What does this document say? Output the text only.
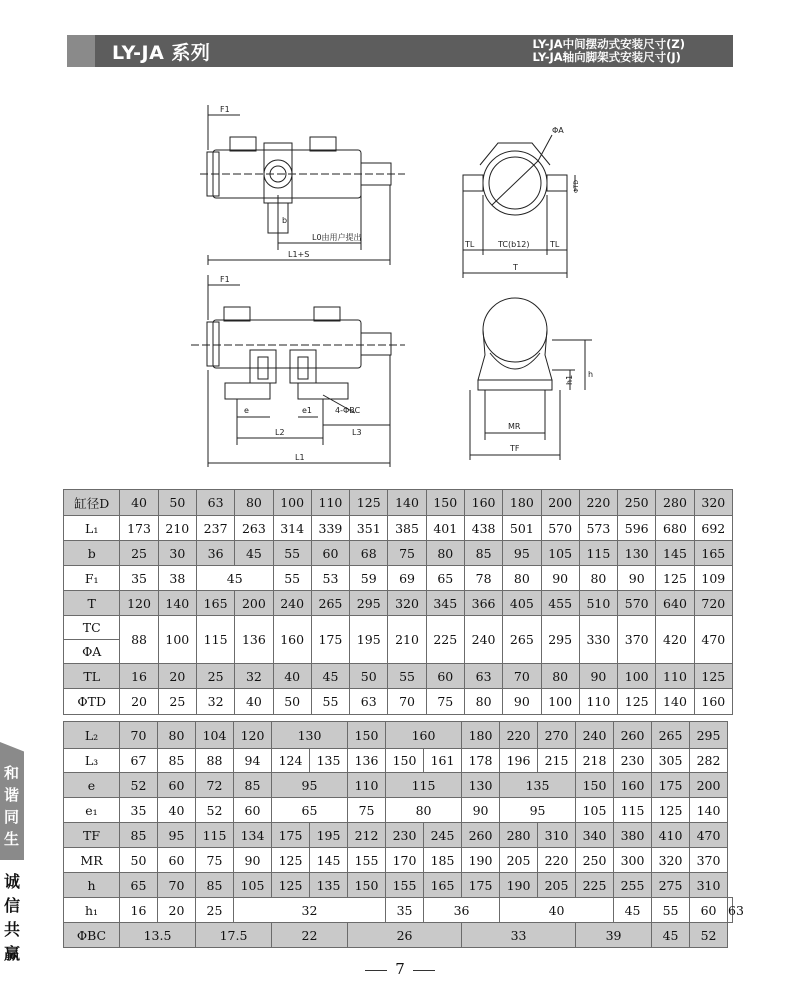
LY-JA 系列	LY-JA中间摆动式安装尺寸(Z)
LY-JA轴向脚架式安装尺寸(J)
F1
b
L0由用户提出
L1+S
ΦA
ΦTD
TL	TC(b12)	TL
T
F1
e	e1	4-ΦBC
L2	L3
L1
h
h1
MR
TF
缸径D	40	50	63	80	100	110	125	140	150	160	180	200	220	250	280	320
L₁	173	210	237	263	314	339	351	385	401	438	501	570	573	596	680	692
b	25	30	36	45	55	60	68	75	80	85	95	105	115	130	145	165
F₁	35	38	45		55	53	59	69	65	78	80	90	80	90	125	109
T	120	140	165	200	240	265	295	320	345	366	405	455	510	570	640	720
TC	88	100	115	136	160	175	195	210	225	240	265	295	330	370	420	470
ΦA																
TL	16	20	25	32	40	45	50	55	60	63	70	80	90	100	110	125
ΦTD	20	25	32	40	50	55	63	70	75	80	90	100	110	125	140	160
L₂	70	80	104	120	130		150	160		180	220	270	240	260	265	295	
L₃	67	85	88	94	124	135	136	150	161	178	196	215	218	230	305	282	
e	52	60	72	85	95		110	115		130	135		150	160	175	200	
e₁	35	40	52	60	65		75	80		90	95		105	115	125	140	
TF	85	95	115	134	175	195	212	230	245	260	280	310	340	380	410	470	
MR	50	60	75	90	125	145	155	170	185	190	205	220	250	300	320	370	
h	65	70	85	105	125	135	150	155	165	175	190	205	225	255	275	310	
h₁	16	20	25	32				35	36		40			45	55	60	63
ΦBC	13.5		17.5		22		26			33			39		45	52	
和谐同生
诚信共赢
7
